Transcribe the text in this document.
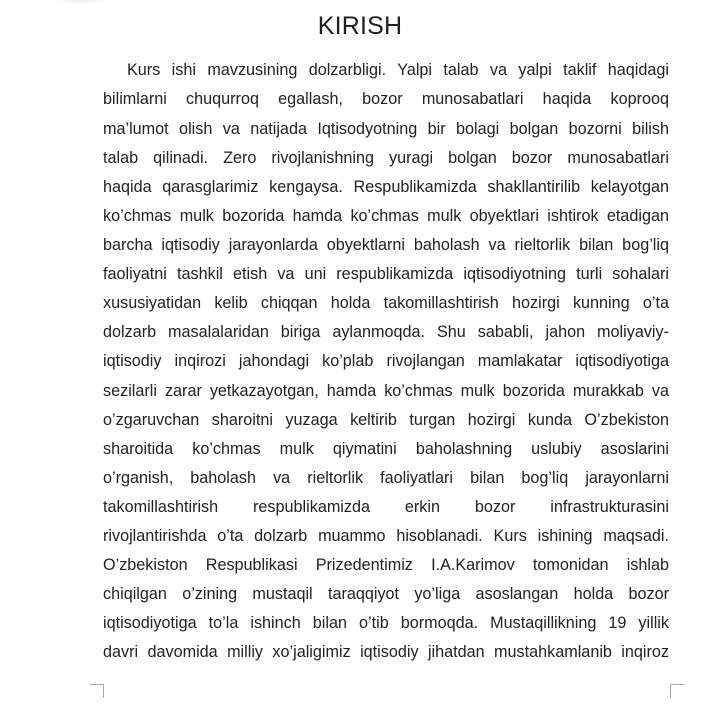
KIRISH
Kurs ishi mavzusining dolzarbligi. Yalpi talab va yalpi taklif haqidagi
bilimlarni chuqurroq egallash, bozor munosabatlari haqida koprooq
ma’lumot olish va natijada Iqtisodyotning bir bolagi bolgan bozorni bilish
talab qilinadi. Zero rivojlanishning yuragi bolgan bozor munosabatlari
haqida qarasglarimiz kengaysa. Respublikamizda shakllantirilib kelayotgan
ko’chmas mulk bozorida hamda ko’chmas mulk obyektlari ishtirok etadigan
barcha iqtisodiy jarayonlarda obyektlarni baholash va rieltorlik bilan bog’liq
faoliyatni tashkil etish va uni respublikamizda iqtisodiyotning turli sohalari
xususiyatidan kelib chiqqan holda takomillashtirish hozirgi kunning o’ta
dolzarb masalalaridan biriga aylanmoqda. Shu sababli, jahon moliyaviy-
iqtisodiy inqirozi jahondagi ko’plab rivojlangan mamlakatar iqtisodiyotiga
sezilarli zarar yetkazayotgan, hamda ko’chmas mulk bozorida murakkab va
o’zgaruvchan sharoitni yuzaga keltirib turgan hozirgi kunda O’zbekiston
sharoitida ko’chmas mulk qiymatini baholashning uslubiy asoslarini
o’rganish, baholash va rieltorlik faoliyatlari bilan bog’liq jarayonlarni
takomillashtirish respublikamizda erkin bozor infrastrukturasini
rivojlantirishda o’ta dolzarb muammo hisoblanadi. Kurs ishining maqsadi.
O’zbekiston Respublikasi Prizedentimiz I.A.Karimov tomonidan ishlab
chiqilgan o’zining mustaqil taraqqiyot yo’liga asoslangan holda bozor
iqtisodiyotiga to’la ishinch bilan o’tib bormoqda. Mustaqillikning 19 yillik
davri davomida milliy xo’jaligimiz iqtisodiy jihatdan mustahkamlanib inqiroz
